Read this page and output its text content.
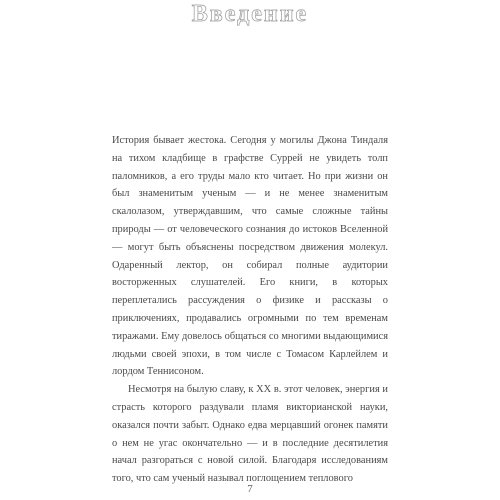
Введение

История бывает жестока. Сегодня у могилы Джона Тиндаля на тихом кладбище в графстве Суррей не увидеть толп паломников, а его труды мало кто читает. Но при жизни он был знаменитым ученым — и не менее знаменитым скалолазом, утверждавшим, что самые сложные тайны природы — от человеческого сознания до истоков Вселенной — могут быть объяснены посредством движения молекул. Одаренный лектор, он собирал полные аудитории восторженных слушателей. Его книги, в которых переплетались рассуждения о физике и рассказы о приключениях, продавались огромными по тем временам тиражами. Ему довелось общаться со многими выдающимися людьми своей эпохи, в том числе с Томасом Карлейлем и лордом Теннисоном.

Несмотря на былую славу, к XX в. этот человек, энергия и страсть которого раздували пламя викторианской науки, оказался почти забыт. Однако едва мерцавший огонек памяти о нем не угас окончательно — и в последние десятилетия начал разгораться с новой силой. Благодаря исследованиям того, что сам ученый называл поглощением теплового

7
